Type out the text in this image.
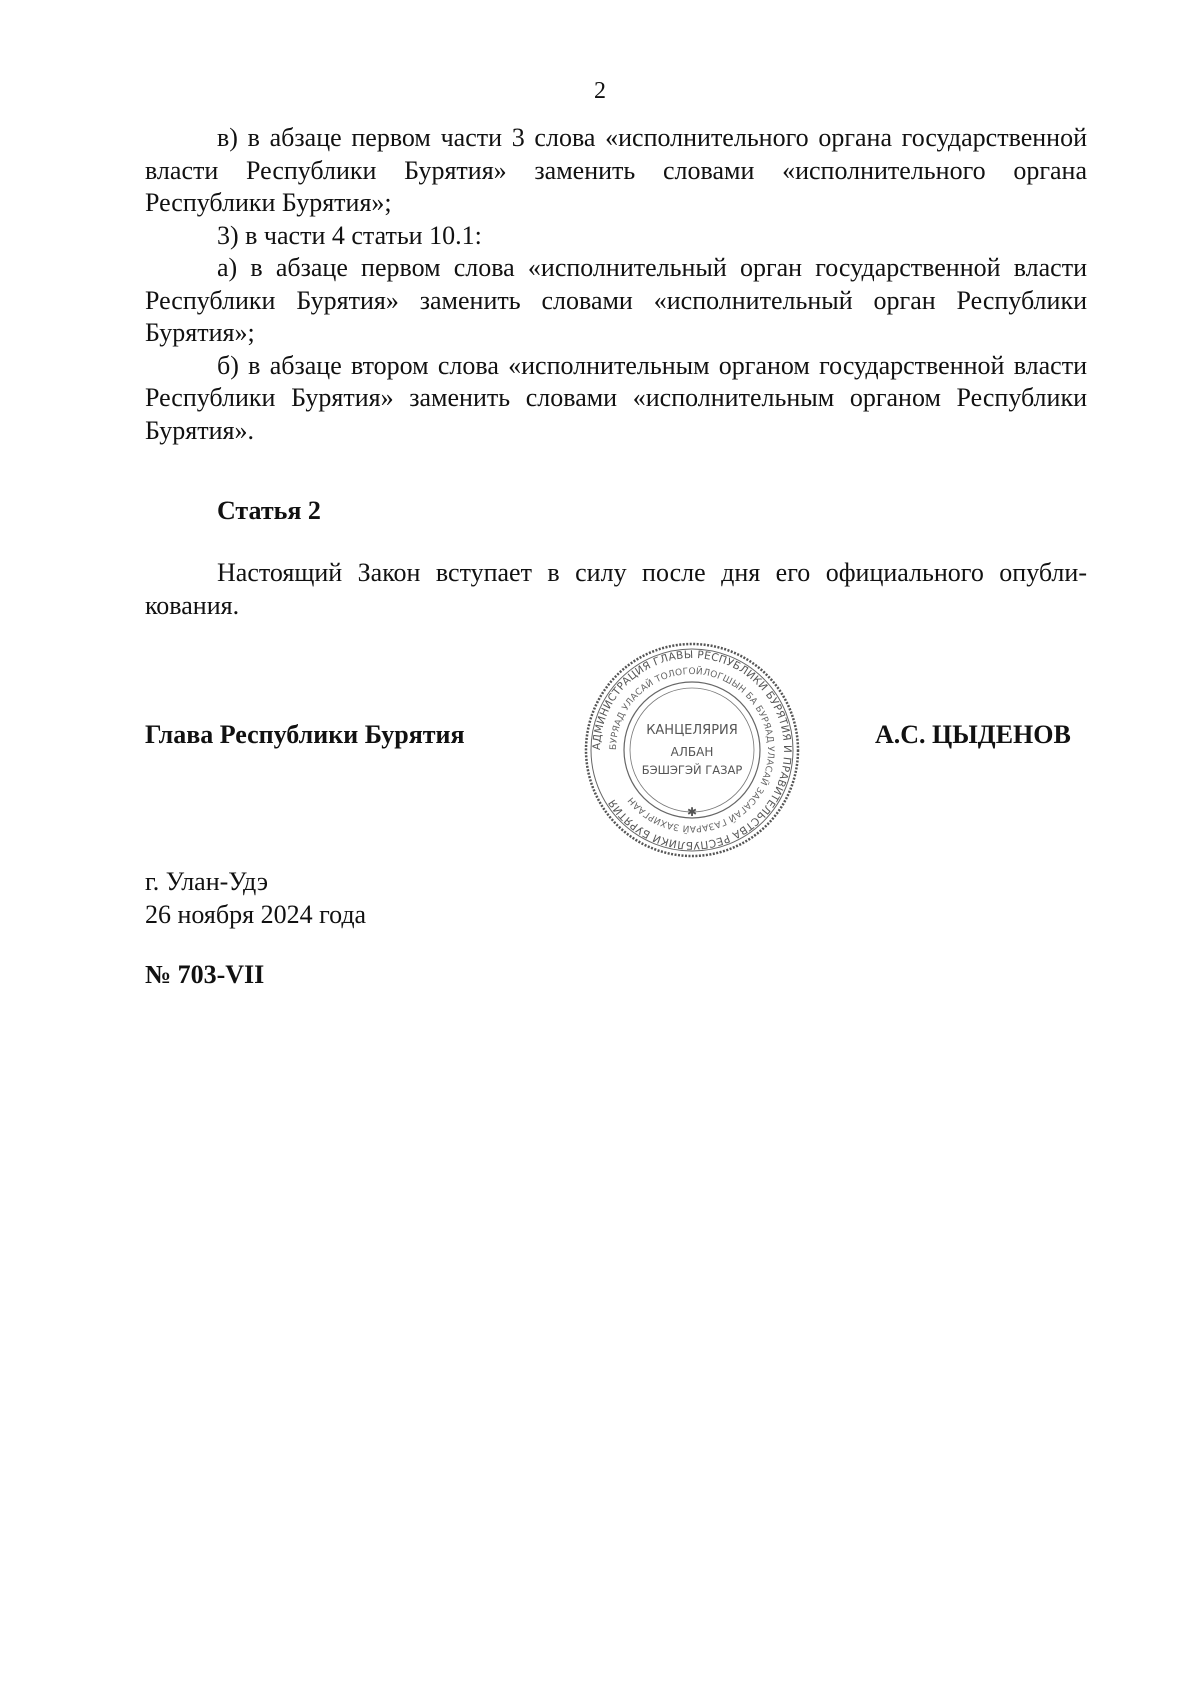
2

в) в абзаце первом части 3 слова «исполнительного органа государственной власти Республики Бурятия» заменить словами «исполнительного органа Республики Бурятия»;

3) в части 4 статьи 10.1:

а) в абзаце первом слова «исполнительный орган государственной власти Республики Бурятия» заменить словами «исполнительный орган Республики Бурятия»;

б) в абзаце втором слова «исполнительным органом государственной власти Республики Бурятия» заменить словами «исполнительным органом Республики Бурятия».

Статья 2

Настоящий Закон вступает в силу после дня его официального опубликования.

Глава Республики Бурятия	АДМИНИСТРАЦИЯ ГЛАВЫ РЕСПУБЛИКИ БУРЯТИЯ И ПРАВИТЕЛЬСТВА РЕСПУБЛИКИ БУРЯТИЯ
БУРЯАД УЛАСАЙ ТОЛОГОЙЛОГШЫН БА БУРЯАД УЛАСАЙ ЗАСАГАЙ ГАЗАРАЙ ЗАХИРГААН
КАНЦЕЛЯРИЯ
АЛБАН
БЭШЭГЭЙ ГАЗАР
✱
А.С. ЦЫДЕНОВ
г. Улан-Удэ
26 ноября 2024 года
№ 703-VII
